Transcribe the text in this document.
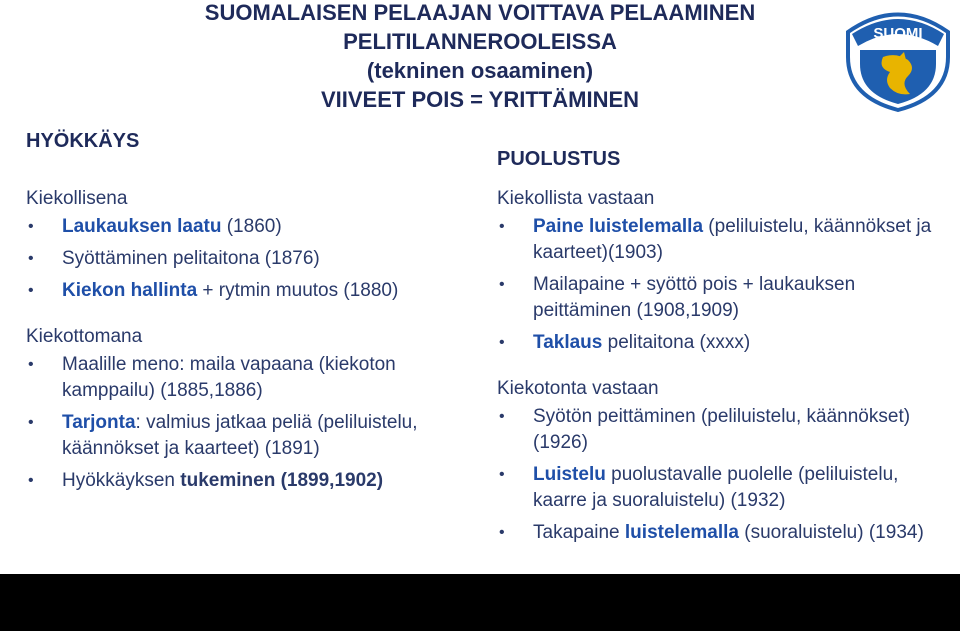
SUOMALAISEN PELAAJAN VOITTAVA PELAAMINEN
PELITILANNEROOLEISSA
(tekninen osaaminen)
VIIVEET POIS = YRITTÄMINEN
SUOMI
HYÖKKÄYS
Kiekollisena
• Laukauksen laatu (1860)
• Syöttäminen pelitaitona (1876)
• Kiekon hallinta + rytmin muutos (1880)
Kiekottomana
• Maalille meno: maila vapaana (kiekoton kamppailu) (1885,1886)
• Tarjonta: valmius jatkaa peliä (peliluistelu, käännökset ja kaarteet) (1891)
• Hyökkäyksen tukeminen (1899,1902)
PUOLUSTUS
Kiekollista vastaan
• Paine luistelemalla (peliluistelu, käännökset ja kaarteet)(1903)
• Mailapaine + syöttö pois + laukauksen peittäminen (1908,1909)
• Taklaus pelitaitona (xxxx)
Kiekotonta vastaan
• Syötön peittäminen (peliluistelu, käännökset) (1926)
• Luistelu puolustavalle puolelle (peliluistelu, kaarre ja suoraluistelu) (1932)
• Takapaine luistelemalla (suoraluistelu) (1934)
